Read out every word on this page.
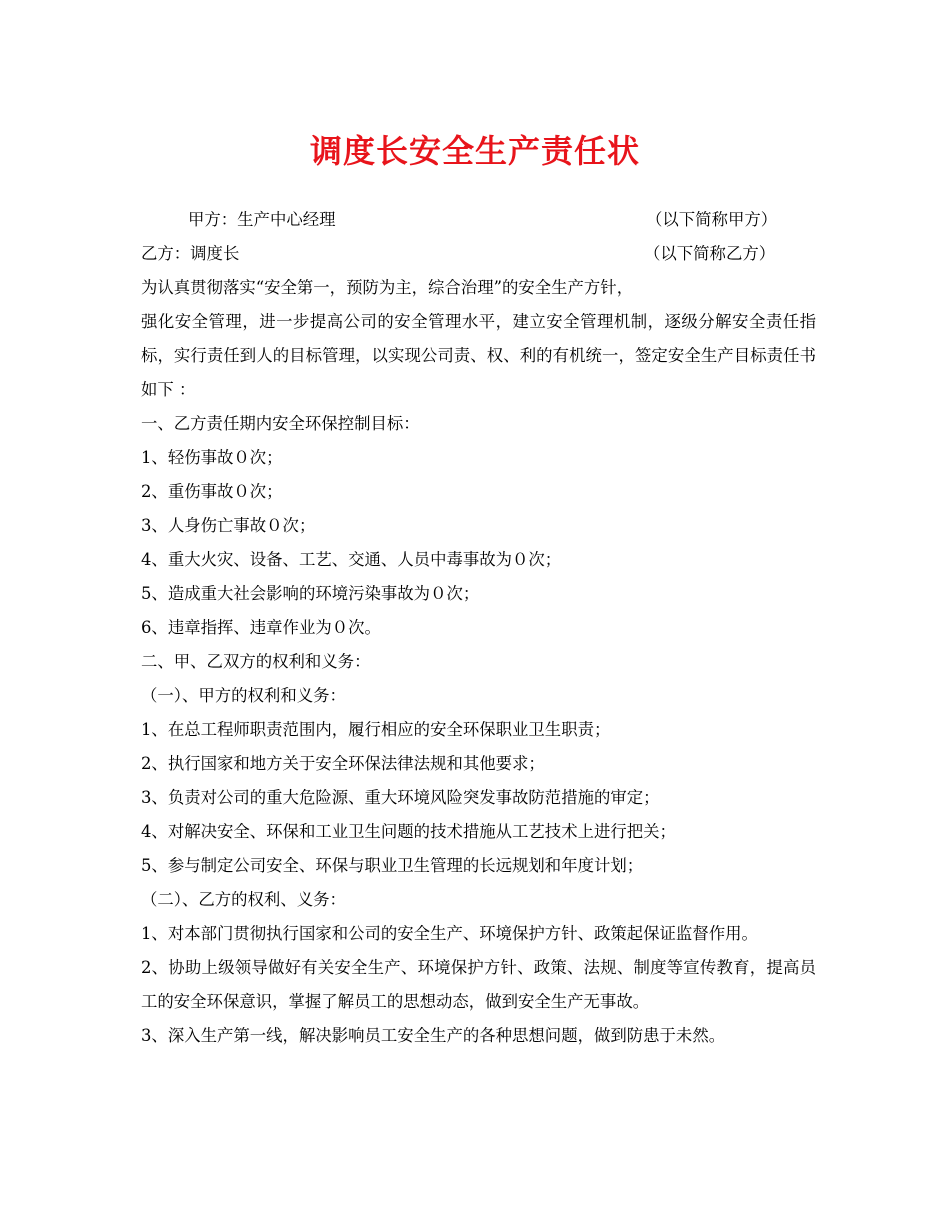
调度长安全生产责任状
甲方：生产中心经理	（以下简称甲方）
乙方：调度长	（以下简称乙方）
为认真贯彻落实“安全第一，预防为主，综合治理”的安全生产方针，
强化安全管理，进一步提高公司的安全管理水平，建立安全管理机制，逐级分解安全责任指标，实行责任到人的目标管理，以实现公司责、权、利的有机统一，签定安全生产目标责任书如下 ：
一、乙方责任期内安全环保控制目标：
1、轻伤事故０次；
2、重伤事故０次；
3、人身伤亡事故０次；
4、重大火灾、设备、工艺、交通、人员中毒事故为０次；
5、造成重大社会影响的环境污染事故为０次；
6、违章指挥、违章作业为０次。
二、甲、乙双方的权利和义务：
（一）、甲方的权利和义务：
1、在总工程师职责范围内，履行相应的安全环保职业卫生职责；
2、执行国家和地方关于安全环保法律法规和其他要求；
3、负责对公司的重大危险源、重大环境风险突发事故防范措施的审定；
4、对解决安全、环保和工业卫生问题的技术措施从工艺技术上进行把关；
5、参与制定公司安全、环保与职业卫生管理的长远规划和年度计划；
（二）、乙方的权利、义务：
1、对本部门贯彻执行国家和公司的安全生产、环境保护方针、政策起保证监督作用。
2、协助上级领导做好有关安全生产、环境保护方针、政策、法规、制度等宣传教育，提高员工的安全环保意识，掌握了解员工的思想动态，做到安全生产无事故。
3、深入生产第一线，解决影响员工安全生产的各种思想问题，做到防患于未然。
